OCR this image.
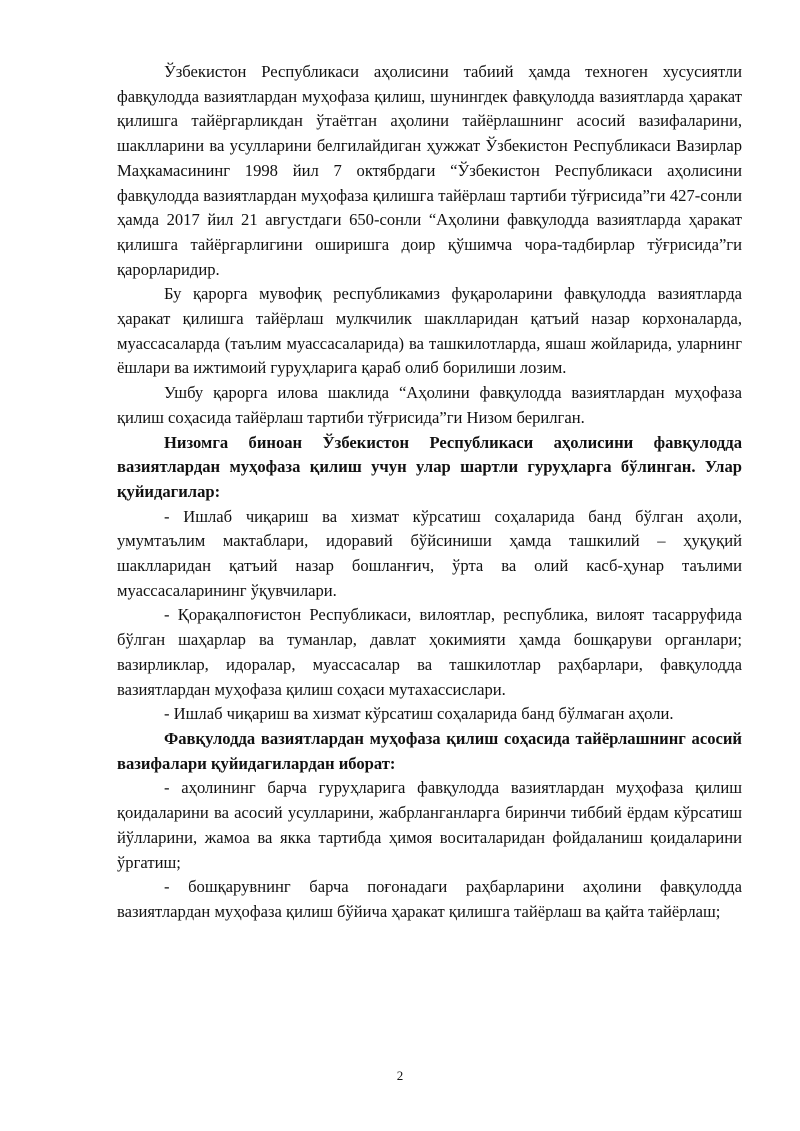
Ўзбекистон Республикаси аҳолисини табиий ҳамда техноген хусусиятли фавқулодда вазиятлардан муҳофаза қилиш, шунингдек фавқулодда вазиятларда ҳаракат қилишга тайёргарликдан ўтаётган аҳолини тайёрлашнинг асосий вазифаларини, шаклларини ва усулларини белгилайдиган ҳужжат Ўзбекистон Республикаси Вазирлар Маҳкамасининг 1998 йил 7 октябрдаги “Ўзбекистон Республикаси аҳолисини фавқулодда вазиятлардан муҳофаза қилишга тайёрлаш тартиби тўғрисида”ги 427-сонли ҳамда 2017 йил 21 августдаги 650-сонли “Аҳолини фавқулодда вазиятларда ҳаракат қилишга тайёргарлигини оширишга доир қўшимча чора-тадбирлар тўғрисида”ги қарорларидир.

Бу қарорга мувофиқ республикамиз фуқароларини фавқулодда вазиятларда ҳаракат қилишга тайёрлаш мулкчилик шаклларидан қатъий назар корхоналарда, муассасаларда (таълим муассасаларида) ва ташкилотларда, яшаш жойларида, уларнинг ёшлари ва ижтимоий гуруҳларига қараб олиб борилиши лозим.

Ушбу қарорга илова шаклида “Аҳолини фавқулодда вазиятлардан муҳофаза қилиш соҳасида тайёрлаш тартиби тўғрисида”ги Низом берилган.

Низомга биноан Ўзбекистон Республикаси аҳолисини фавқулодда вазиятлардан муҳофаза қилиш учун улар шартли гуруҳларга бўлинган. Улар қуйидагилар:

- Ишлаб чиқариш ва хизмат кўрсатиш соҳаларида банд бўлган аҳоли, умумтаълим мактаблари, идоравий бўйсиниши ҳамда ташкилий – ҳуқуқий шаклларидан қатъий назар бошланғич, ўрта ва олий касб-ҳунар таълими муассасаларининг ўқувчилари.

- Қорақалпоғистон Республикаси, вилоятлар, республика, вилоят тасарруфида бўлган шаҳарлар ва туманлар, давлат ҳокимияти ҳамда бошқаруви органлари; вазирликлар, идоралар, муассасалар ва ташкилотлар раҳбарлари, фавқулодда вазиятлардан муҳофаза қилиш соҳаси мутахассислари.

- Ишлаб чиқариш ва хизмат кўрсатиш соҳаларида банд бўлмаган аҳоли.

Фавқулодда вазиятлардан муҳофаза қилиш соҳасида тайёрлашнинг асосий вазифалари қуйидагилардан иборат:

- аҳолининг барча гуруҳларига фавқулодда вазиятлардан муҳофаза қилиш қоидаларини ва асосий усулларини, жабрланганларга биринчи тиббий ёрдам кўрсатиш йўлларини, жамоа ва якка тартибда ҳимоя воситаларидан фойдаланиш қоидаларини ўргатиш;

- бошқарувнинг барча поғонадаги раҳбарларини аҳолини фавқулодда вазиятлардан муҳофаза қилиш бўйича ҳаракат қилишга тайёрлаш ва қайта тайёрлаш;

2
